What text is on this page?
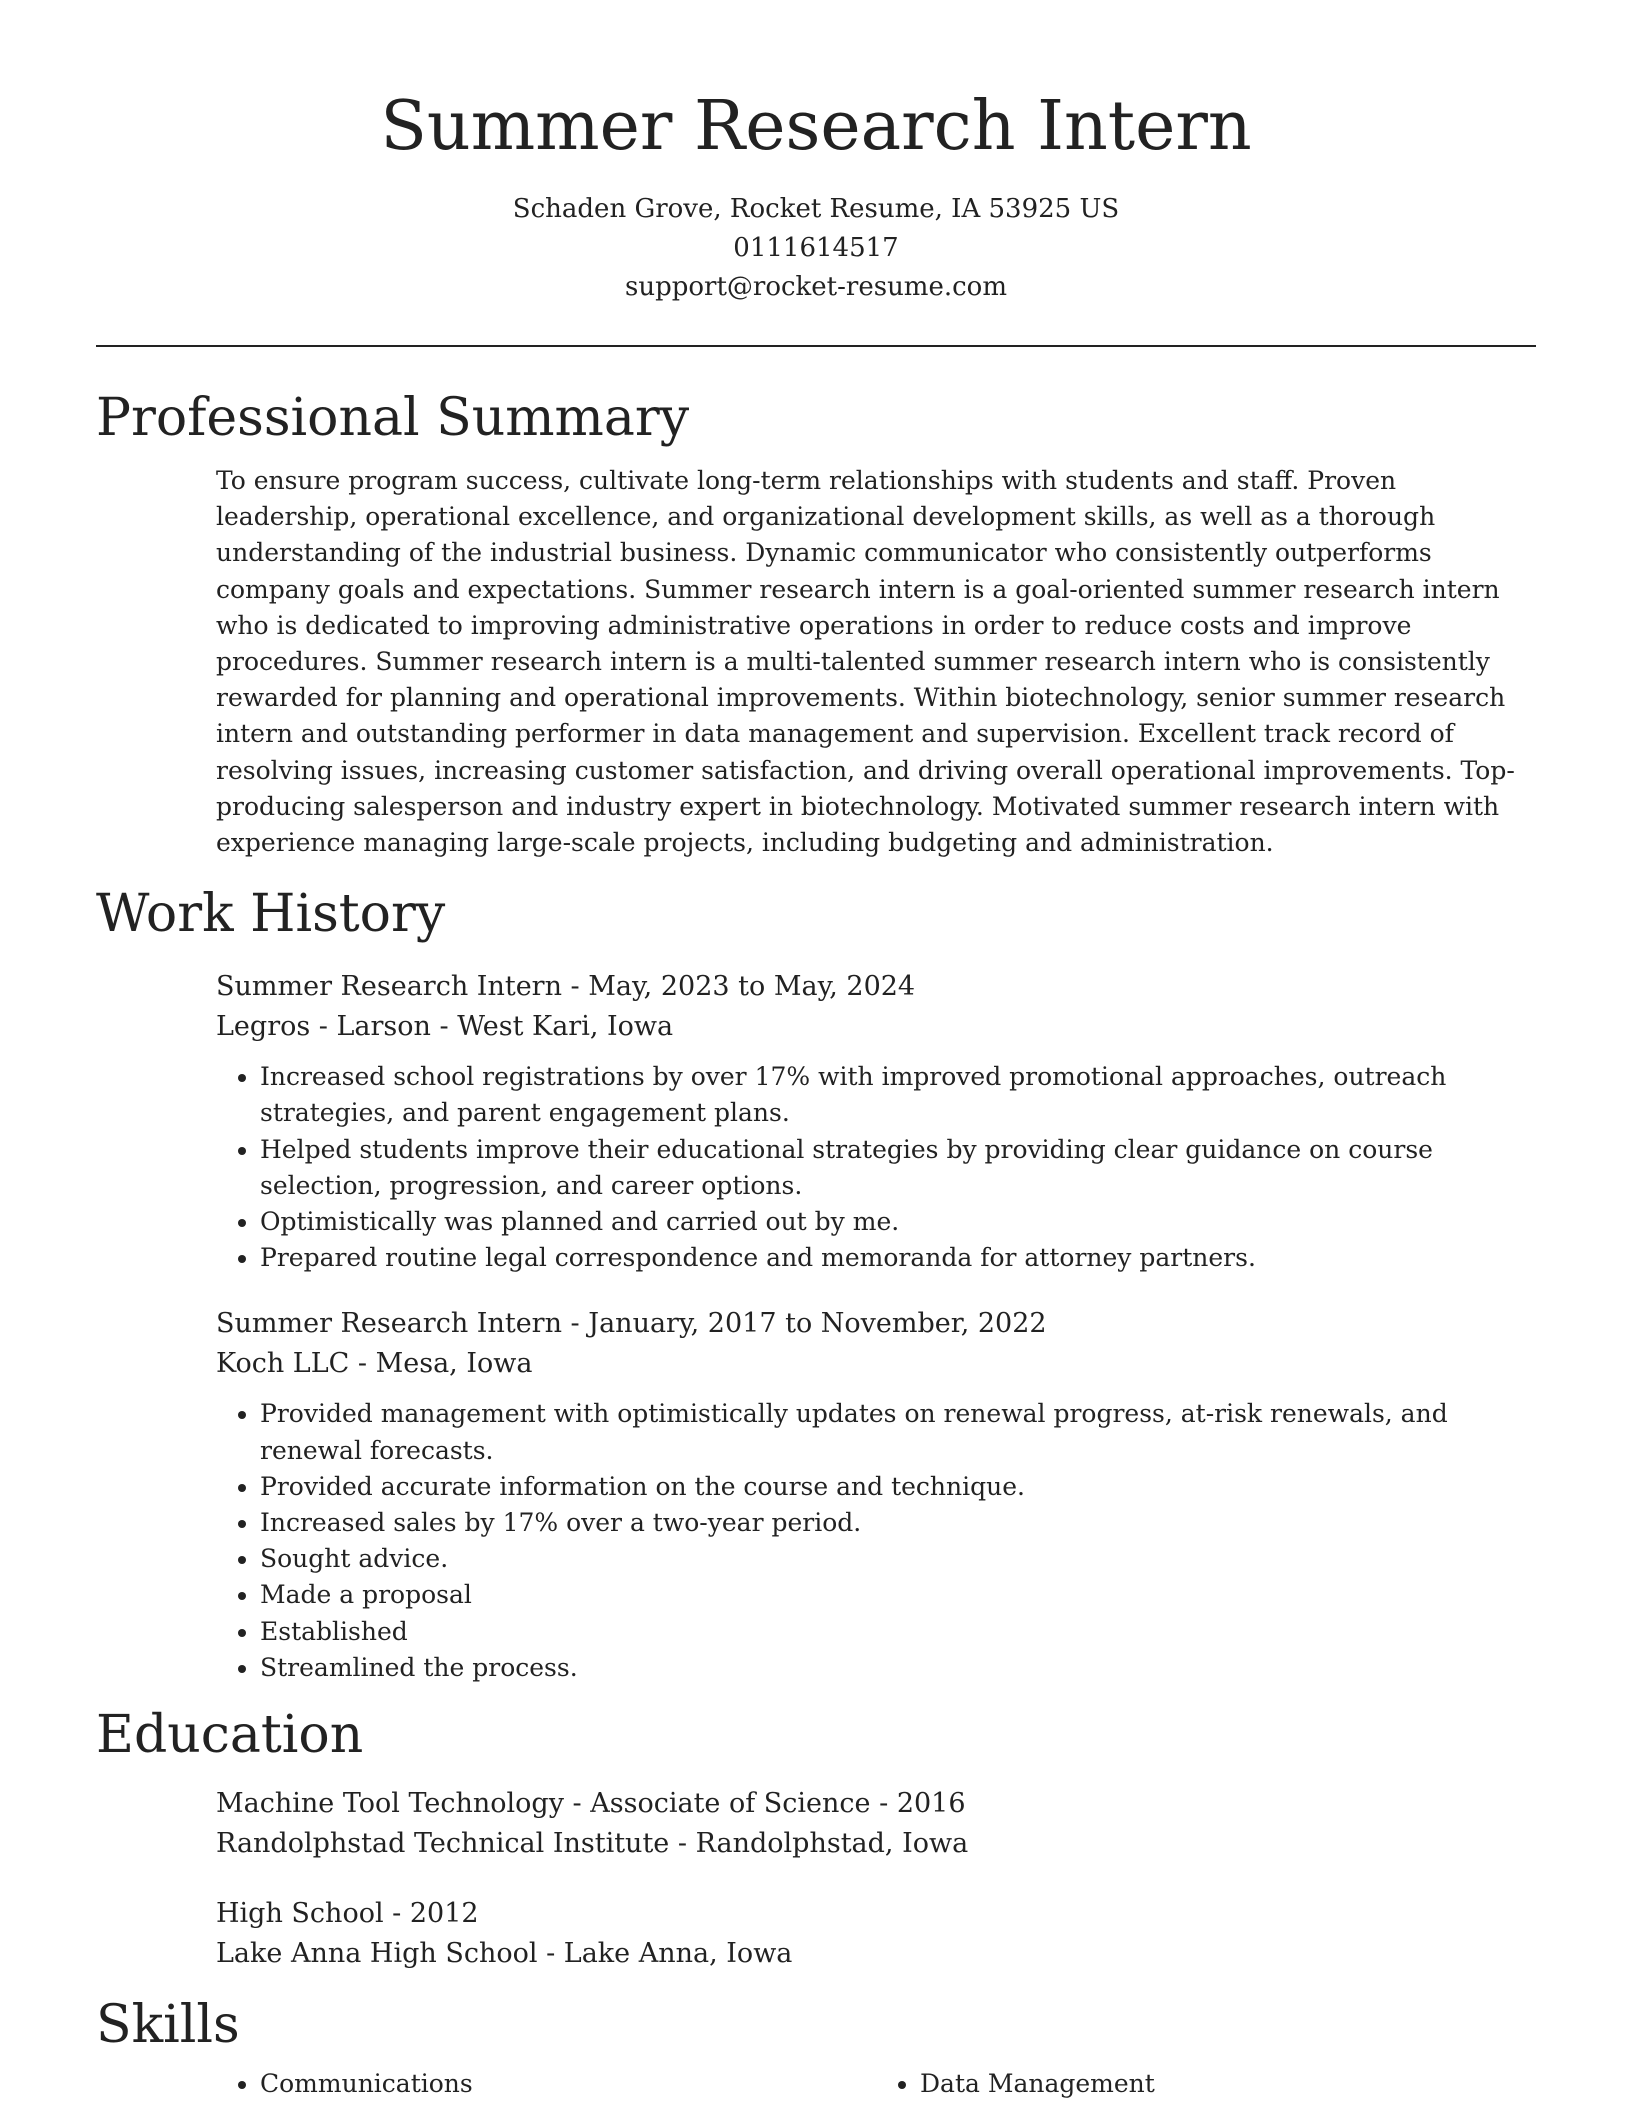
Summer Research Intern
Schaden Grove, Rocket Resume, IA 53925 US
0111614517
support@rocket-resume.com
Professional Summary

To ensure program success, cultivate long-term relationships with students and staff. Proven leadership, operational excellence, and organizational development skills, as well as a thorough understanding of the industrial business. Dynamic communicator who consistently outperforms company goals and expectations. Summer research intern is a goal-oriented summer research intern who is dedicated to improving administrative operations in order to reduce costs and improve procedures. Summer research intern is a multi-talented summer research intern who is consistently rewarded for planning and operational improvements. Within biotechnology, senior summer research intern and outstanding performer in data management and supervision. Excellent track record of resolving issues, increasing customer satisfaction, and driving overall operational improvements. Top-producing salesperson and industry expert in biotechnology. Motivated summer research intern with experience managing large-scale projects, including budgeting and administration.

Work History
Summer Research Intern - May, 2023 to May, 2024
Legros - Larson - West Kari, Iowa
• Increased school registrations by over 17% with improved promotional approaches, outreach strategies, and parent engagement plans.
• Helped students improve their educational strategies by providing clear guidance on course selection, progression, and career options.
• Optimistically was planned and carried out by me.
• Prepared routine legal correspondence and memoranda for attorney partners.
Summer Research Intern - January, 2017 to November, 2022
Koch LLC - Mesa, Iowa
• Provided management with optimistically updates on renewal progress, at-risk renewals, and renewal forecasts.
• Provided accurate information on the course and technique.
• Increased sales by 17% over a two-year period.
• Sought advice.
• Made a proposal
• Established
• Streamlined the process.
Education
Machine Tool Technology - Associate of Science - 2016
Randolphstad Technical Institute - Randolphstad, Iowa
High School - 2012
Lake Anna High School - Lake Anna, Iowa
Skills
• Communications
•	Data Management
